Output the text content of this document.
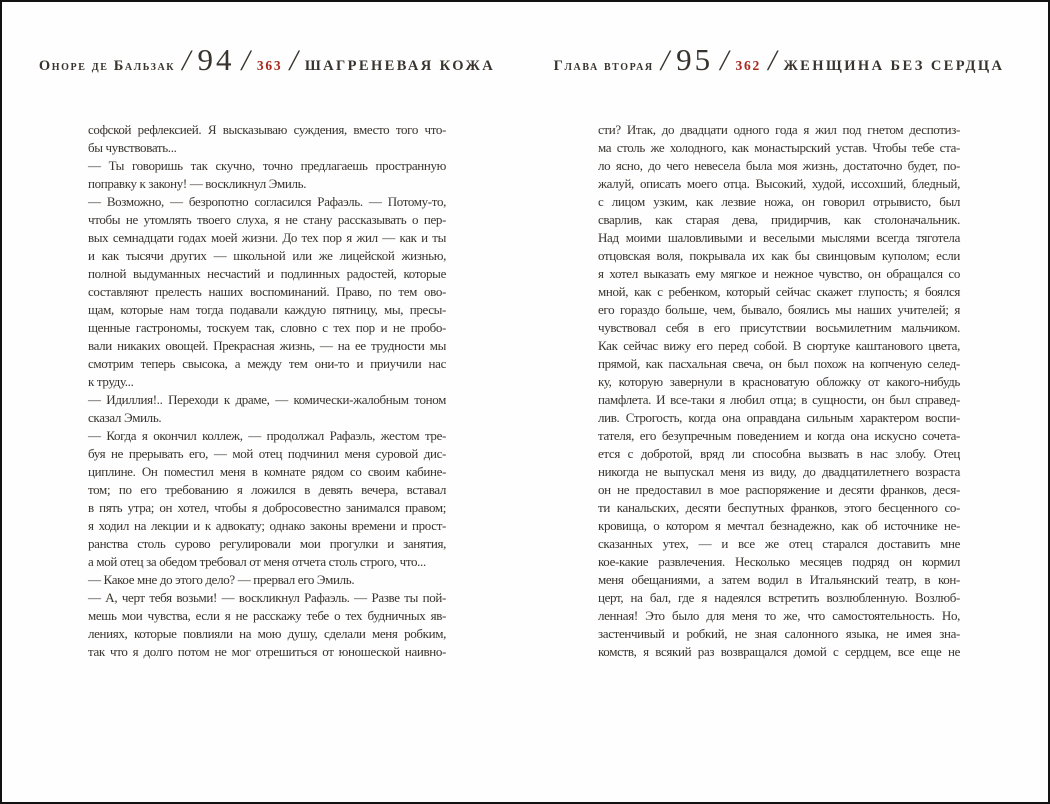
Оноре де Бальзак / 94 / 363 / ШАГРЕНЕВАЯ КОЖА
софской рефлексией. Я высказываю суждения, вместо того что-
бы чувствовать...
— Ты говоришь так скучно, точно предлагаешь пространную
поправку к закону! — воскликнул Эмиль.
— Возможно, — безропотно согласился Рафаэль. — Потому-то,
чтобы не утомлять твоего слуха, я не стану рассказывать о пер-
вых семнадцати годах моей жизни. До тех пор я жил — как и ты
и как тысячи других — школьной или же лицейской жизнью,
полной выдуманных несчастий и подлинных радостей, которые
составляют прелесть наших воспоминаний. Право, по тем ово-
щам, которые нам тогда подавали каждую пятницу, мы, пресы-
щенные гастрономы, тоскуем так, словно с тех пор и не пробо-
вали никаких овощей. Прекрасная жизнь, — на ее трудности мы
смотрим теперь свысока, а между тем они-то и приучили нас
к труду...
— Идиллия!.. Переходи к драме, — комически-жалобным тоном
сказал Эмиль.
— Когда я окончил коллеж, — продолжал Рафаэль, жестом тре-
буя не прерывать его, — мой отец подчинил меня суровой дис-
циплине. Он поместил меня в комнате рядом со своим кабине-
том; по его требованию я ложился в девять вечера, вставал
в пять утра; он хотел, чтобы я добросовестно занимался правом;
я ходил на лекции и к адвокату; однако законы времени и прост-
ранства столь сурово регулировали мои прогулки и занятия,
а мой отец за обедом требовал от меня отчета столь строго, что...
— Какое мне до этого дело? — прервал его Эмиль.
— А, черт тебя возьми! — воскликнул Рафаэль. — Разве ты пой-
мешь мои чувства, если я не расскажу тебе о тех будничных яв-
лениях, которые повлияли на мою душу, сделали меня робким,
так что я долго потом не мог отрешиться от юношеской наивно-
Глава вторая / 95 / 362 / ЖЕНЩИНА БЕЗ СЕРДЦА
сти? Итак, до двадцати одного года я жил под гнетом деспотиз-
ма столь же холодного, как монастырский устав. Чтобы тебе ста-
ло ясно, до чего невесела была моя жизнь, достаточно будет, по-
жалуй, описать моего отца. Высокий, худой, иссохший, бледный,
с лицом узким, как лезвие ножа, он говорил отрывисто, был
сварлив, как старая дева, придирчив, как столоначальник.
Над моими шаловливыми и веселыми мыслями всегда тяготела
отцовская воля, покрывала их как бы свинцовым куполом; если
я хотел выказать ему мягкое и нежное чувство, он обращался со
мной, как с ребенком, который сейчас скажет глупость; я боялся
его гораздо больше, чем, бывало, боялись мы наших учителей; я
чувствовал себя в его присутствии восьмилетним мальчиком.
Как сейчас вижу его перед собой. В сюртуке каштанового цвета,
прямой, как пасхальная свеча, он был похож на копченую селед-
ку, которую завернули в красноватую обложку от какого-нибудь
памфлета. И все-таки я любил отца; в сущности, он был справед-
лив. Строгость, когда она оправдана сильным характером воспи-
тателя, его безупречным поведением и когда она искусно сочета-
ется с добротой, вряд ли способна вызвать в нас злобу. Отец
никогда не выпускал меня из виду, до двадцатилетнего возраста
он не предоставил в мое распоряжение и десяти франков, деся-
ти канальских, десяти беспутных франков, этого бесценного со-
кровища, о котором я мечтал безнадежно, как об источнике не-
сказанных утех, — и все же отец старался доставить мне
кое-какие развлечения. Несколько месяцев подряд он кормил
меня обещаниями, а затем водил в Итальянский театр, в кон-
церт, на бал, где я надеялся встретить возлюбленную. Возлюб-
ленная! Это было для меня то же, что самостоятельность. Но,
застенчивый и робкий, не зная салонного языка, не имея зна-
комств, я всякий раз возвращался домой с сердцем, все еще не
